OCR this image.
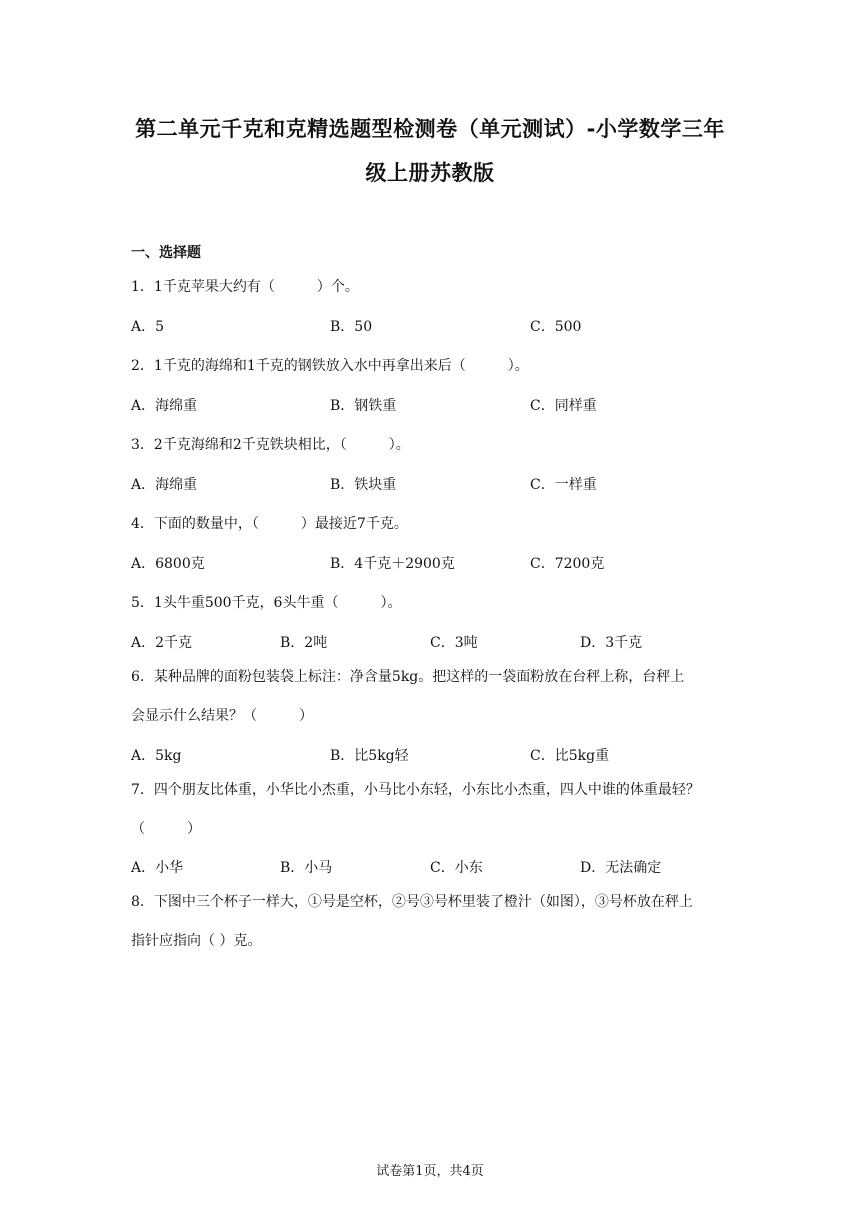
第二单元千克和克精选题型检测卷（单元测试）-小学数学三年
级上册苏教版
一、选择题
1．1千克苹果大约有（　　　）个。
A．5	B．50	C．500
2．1千克的海绵和1千克的钢铁放入水中再拿出来后（　　　）。
A．海绵重	B．钢铁重	C．同样重
3．2千克海绵和2千克铁块相比，（　　　）。
A．海绵重	B．铁块重	C．一样重
4．下面的数量中，（　　　）最接近7千克。
A．6800克	B．4千克＋2900克	C．7200克
5．1头牛重500千克，6头牛重（　　　）。
A．2千克	B．2吨	C．3吨	D．3千克
6．某种品牌的面粉包装袋上标注：净含量5kg。把这样的一袋面粉放在台秤上称，台秤上
会显示什么结果？（　　　）
A．5kg	B．比5kg轻	C．比5kg重
7．四个朋友比体重，小华比小杰重，小马比小东轻，小东比小杰重，四人中谁的体重最轻？
（　　　）
A．小华	B．小马	C．小东	D．无法确定
8．下图中三个杯子一样大，①号是空杯，②号③号杯里装了橙汁（如图），③号杯放在秤上
指针应指向（ ）克。
试卷第1页，共4页
